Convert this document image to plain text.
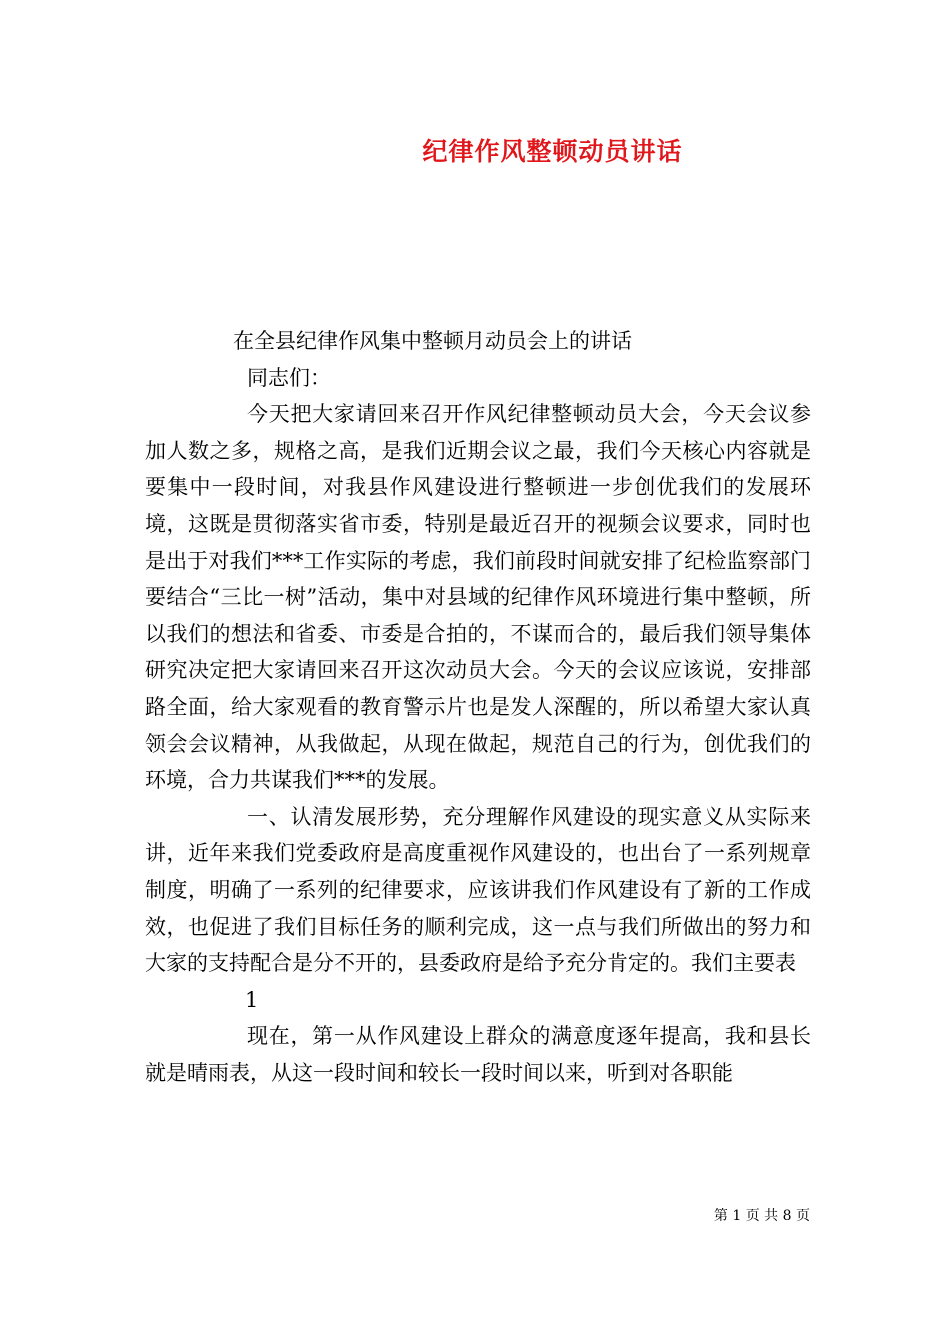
纪律作风整顿动员讲话

在全县纪律作风集中整顿月动员会上的讲话

同志们：

今天把大家请回来召开作风纪律整顿动员大会，今天会议参加人数之多，规格之高，是我们近期会议之最，我们今天核心内容就是要集中一段时间，对我县作风建设进行整顿进一步创优我们的发展环境，这既是贯彻落实省市委，特别是最近召开的视频会议要求，同时也是出于对我们***工作实际的考虑，我们前段时间就安排了纪检监察部门要结合“三比一树”活动，集中对县域的纪律作风环境进行集中整顿，所以我们的想法和省委、市委是合拍的，不谋而合的，最后我们领导集体研究决定把大家请回来召开这次动员大会。今天的会议应该说，安排部路全面，给大家观看的教育警示片也是发人深醒的，所以希望大家认真领会会议精神，从我做起，从现在做起，规范自己的行为，创优我们的环境，合力共谋我们***的发展。

一、认清发展形势，充分理解作风建设的现实意义从实际来讲，近年来我们党委政府是高度重视作风建设的，也出台了一系列规章制度，明确了一系列的纪律要求，应该讲我们作风建设有了新的工作成效，也促进了我们目标任务的顺利完成，这一点与我们所做出的努力和大家的支持配合是分不开的，县委政府是给予充分肯定的。我们主要表

1

现在，第一从作风建设上群众的满意度逐年提高，我和县长就是晴雨表，从这一段时间和较长一段时间以来，听到对各职能

第 1 页 共 8 页
